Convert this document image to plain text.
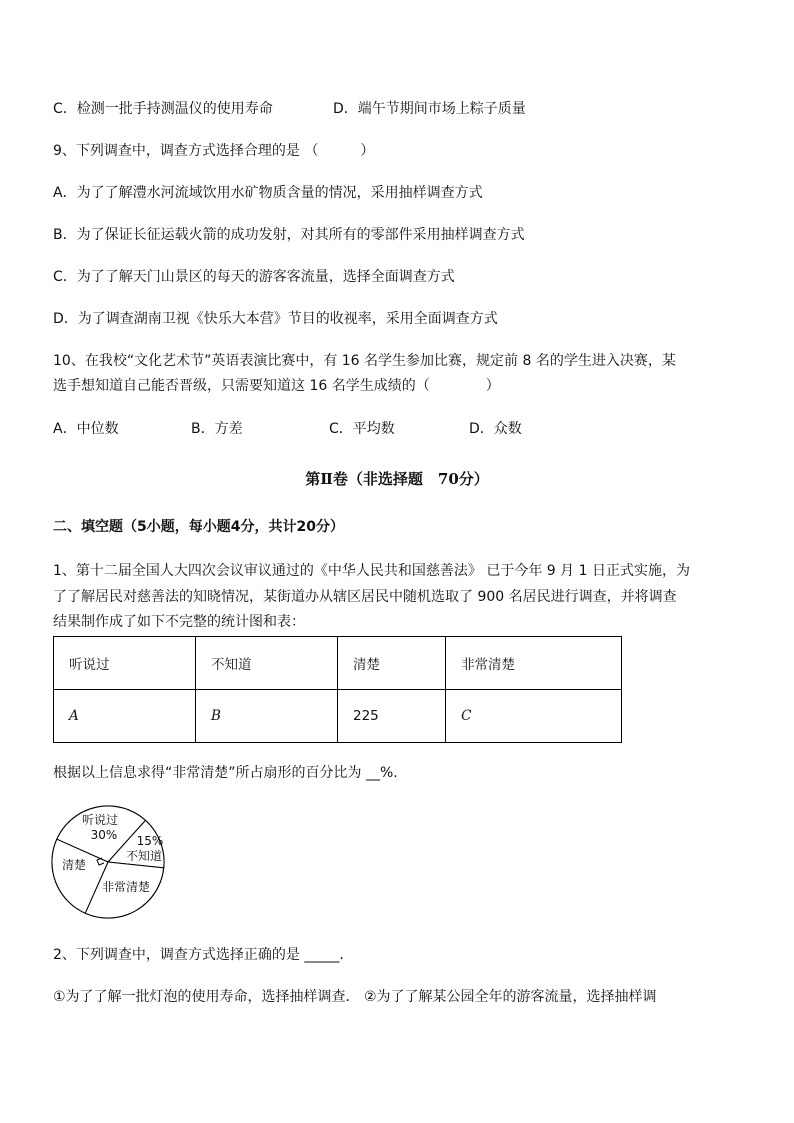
C．检测一批手持测温仪的使用寿命	D．端午节期间市场上粽子质量
9、下列调查中，调查方式选择合理的是 （　　　）
A．为了了解澧水河流域饮用水矿物质含量的情况，采用抽样调查方式
B．为了保证长征运载火箭的成功发射，对其所有的零部件采用抽样调查方式
C．为了了解天门山景区的每天的游客客流量，选择全面调查方式
D．为了调查湖南卫视《快乐大本营》节目的收视率，采用全面调查方式
10、在我校“文化艺术节”英语表演比赛中，有 16 名学生参加比赛，规定前 8 名的学生进入决赛，某
选手想知道自己能否晋级，只需要知道这 16 名学生成绩的（　　　　）
A．中位数	B．方差	C．平均数	D．众数
第Ⅱ卷（非选择题　70分）
二、填空题（5小题，每小题4分，共计20分）
1、第十二届全国人大四次会议审议通过的《中华人民共和国慈善法》 已于今年 9 月 1 日正式实施，为
了了解居民对慈善法的知晓情况，某街道办从辖区居民中随机选取了 900 名居民进行调查，并将调查
结果制作成了如下不完整的统计图和表：
听说过	不知道	清楚	非常清楚
A	B	225	C
根据以上信息求得“非常清楚”所占扇形的百分比为 __%.
听说过
30%
不知道
15%
非常清楚
清楚
2、下列调查中，调查方式选择正确的是 _____.
①为了了解一批灯泡的使用寿命，选择抽样调查． ②为了了解某公园全年的游客流量，选择抽样调
